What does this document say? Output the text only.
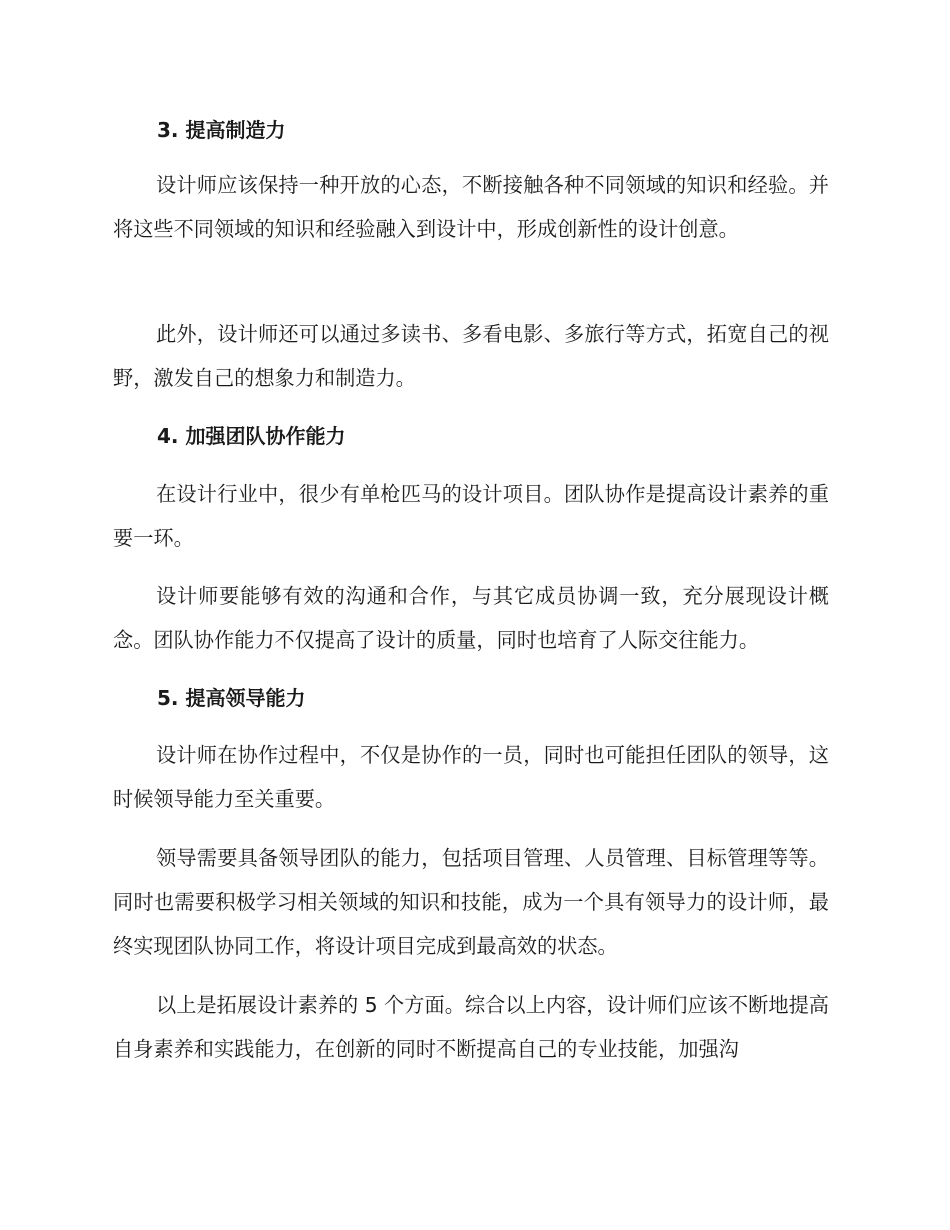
3. 提高制造力

设计师应该保持一种开放的心态，不断接触各种不同领域的知识和经验。并将这些不同领域的知识和经验融入到设计中，形成创新性的设计创意。

此外，设计师还可以通过多读书、多看电影、多旅行等方式，拓宽自己的视野，激发自己的想象力和制造力。

4. 加强团队协作能力

在设计行业中，很少有单枪匹马的设计项目。团队协作是提高设计素养的重要一环。

设计师要能够有效的沟通和合作，与其它成员协调一致，充分展现设计概念。团队协作能力不仅提高了设计的质量，同时也培育了人际交往能力。

5. 提高领导能力

设计师在协作过程中，不仅是协作的一员，同时也可能担任团队的领导，这时候领导能力至关重要。

领导需要具备领导团队的能力，包括项目管理、人员管理、目标管理等等。同时也需要积极学习相关领域的知识和技能，成为一个具有领导力的设计师，最终实现团队协同工作，将设计项目完成到最高效的状态。

以上是拓展设计素养的 5 个方面。综合以上内容，设计师们应该不断地提高自身素养和实践能力，在创新的同时不断提高自己的专业技能，加强沟
